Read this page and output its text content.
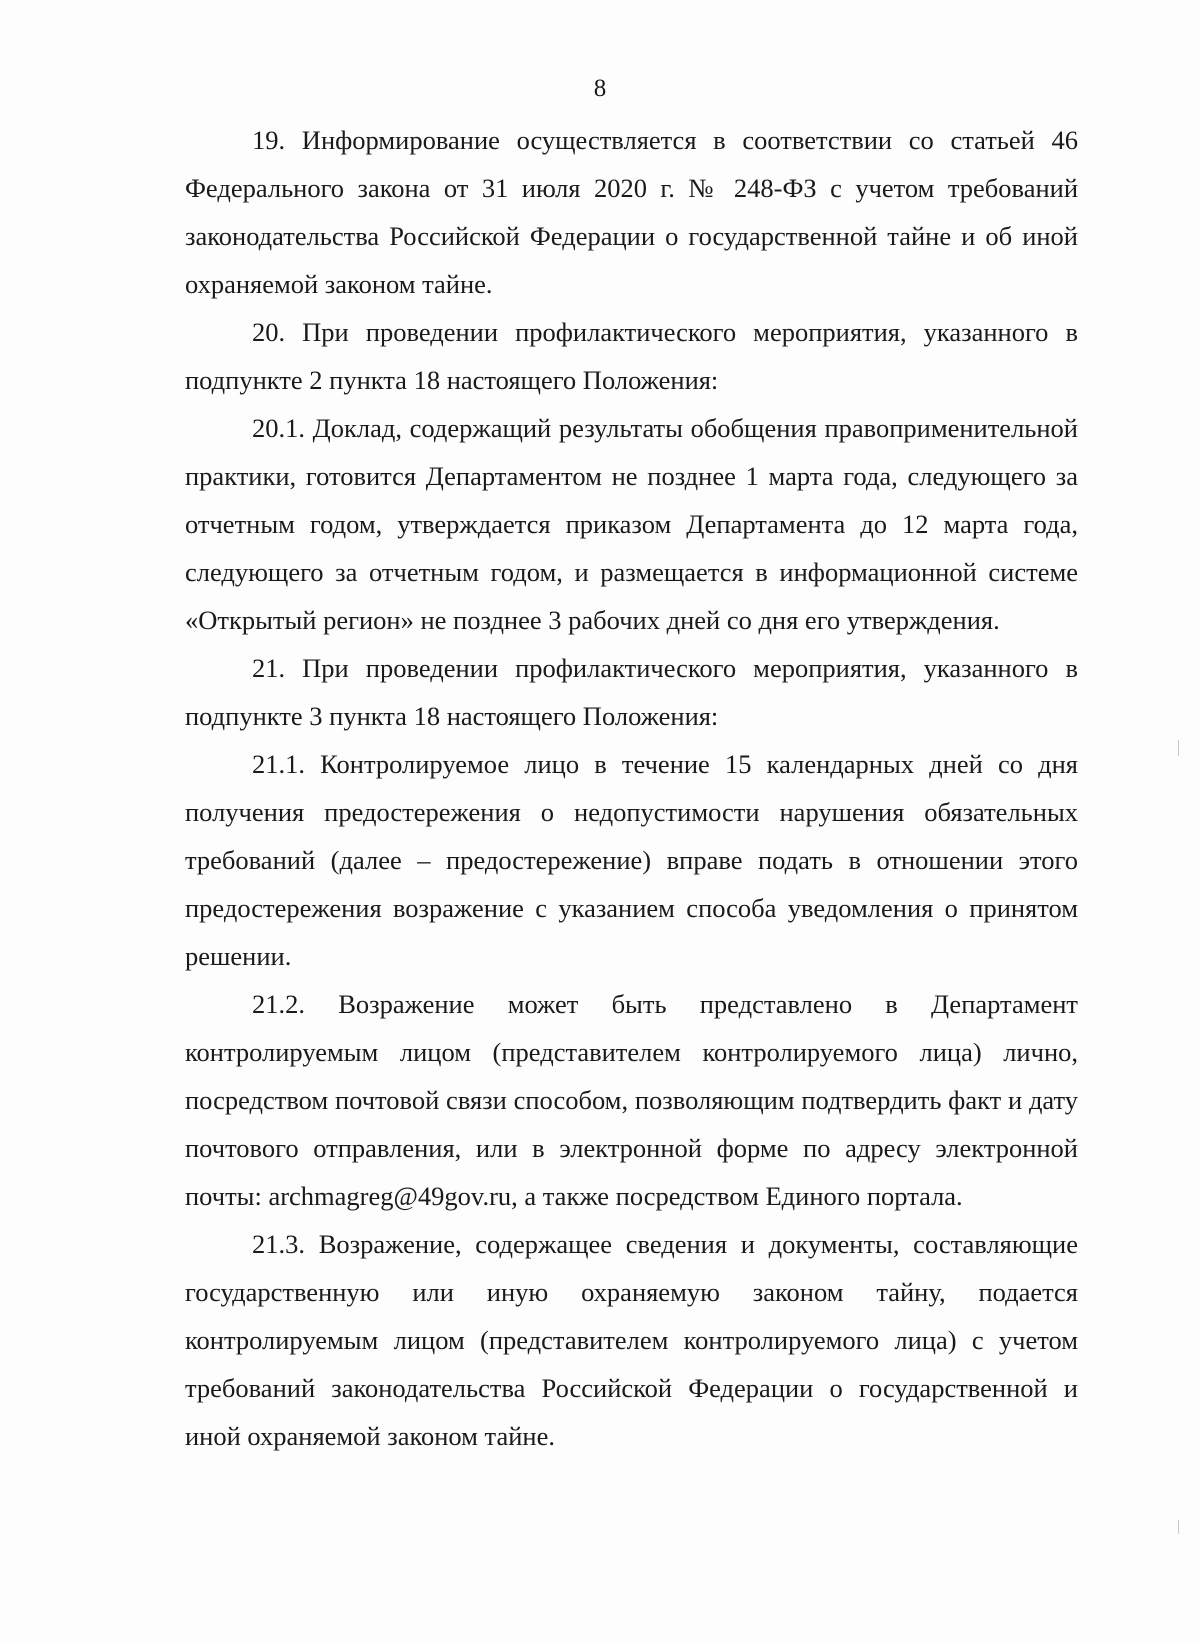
8

19. Информирование осуществляется в соответствии со статьей 46 Федерального закона от 31 июля 2020 г. № 248-ФЗ с учетом требований законодательства Российской Федерации о государственной тайне и об иной охраняемой законом тайне.

20. При проведении профилактического мероприятия, указанного в подпункте 2 пункта 18 настоящего Положения:

20.1. Доклад, содержащий результаты обобщения правоприменительной практики, готовится Департаментом не позднее 1 марта года, следующего за отчетным годом, утверждается приказом Департамента до 12 марта года, следующего за отчетным годом, и размещается в информационной системе «Открытый регион» не позднее 3 рабочих дней со дня его утверждения.

21. При проведении профилактического мероприятия, указанного в подпункте 3 пункта 18 настоящего Положения:

21.1. Контролируемое лицо в течение 15 календарных дней со дня получения предостережения о недопустимости нарушения обязательных требований (далее – предостережение) вправе подать в отношении этого предостережения возражение с указанием способа уведомления о принятом решении.

21.2. Возражение может быть представлено в Департамент контролируемым лицом (представителем контролируемого лица) лично, посредством почтовой связи способом, позволяющим подтвердить факт и дату почтового отправления, или в электронной форме по адресу электронной почты: archmagreg@49gov.ru, а также посредством Единого портала.

21.3. Возражение, содержащее сведения и документы, составляющие государственную или иную охраняемую законом тайну, подается контролируемым лицом (представителем контролируемого лица) с учетом требований законодательства Российской Федерации о государственной и иной охраняемой законом тайне.
